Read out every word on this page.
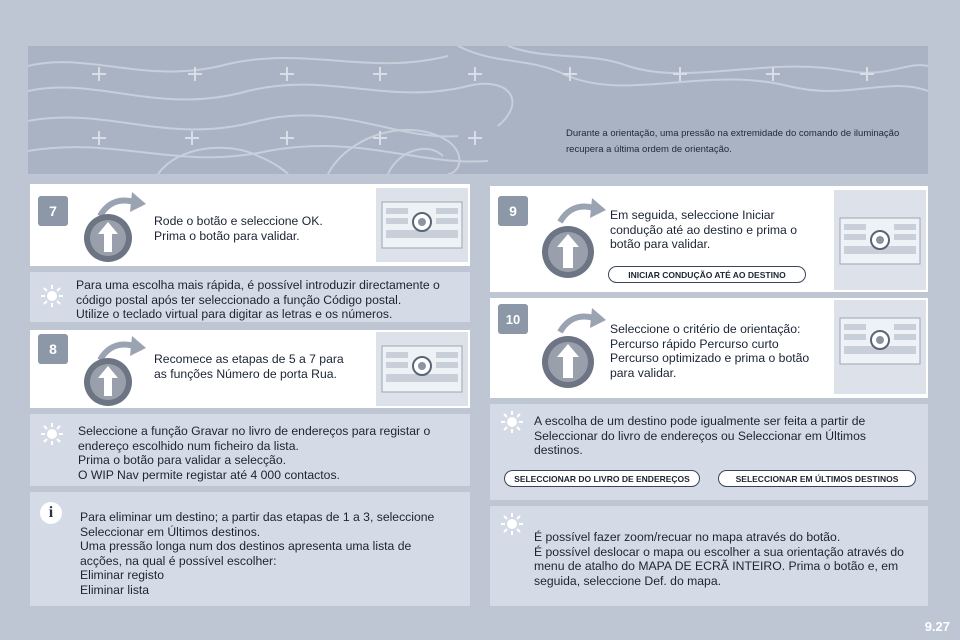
Durante a orientação, uma pressão na extremidade do comando de iluminação recupera a última ordem de orientação.
7
Rode o botão e seleccione OK.
Prima o botão para validar.
Para uma escolha mais rápida, é possível introduzir directamente o
código postal após ter seleccionado a função Código postal.
Utilize o teclado virtual para digitar as letras e os números.
8
Recomece as etapas de 5 a 7 para
as funções Número de porta Rua.
Seleccione a função Gravar no livro de endereços para registar o
endereço escolhido num ficheiro da lista.
Prima o botão para validar a selecção.
O WIP Nav permite registar até 4 000 contactos.
i	Para eliminar um destino; a partir das etapas de 1 a 3, seleccione
Seleccionar em Últimos destinos.
Uma pressão longa num dos destinos apresenta uma lista de
acções, na qual é possível escolher:
Eliminar registo
Eliminar lista
9	Em seguida, seleccione Iniciar
condução até ao destino e prima o
botão para validar.
INICIAR CONDUÇÃO ATÉ AO DESTINO
10
Seleccione o critério de orientação:
Percurso rápido Percurso curto
Percurso optimizado e prima o botão
para validar.
A escolha de um destino pode igualmente ser feita a partir de
Seleccionar do livro de endereços ou Seleccionar em Últimos
destinos.
SELECCIONAR DO LIVRO DE ENDEREÇOS	SELECCIONAR EM ÚLTIMOS DESTINOS
É possível fazer zoom/recuar no mapa através do botão.
É possível deslocar o mapa ou escolher a sua orientação através do
menu de atalho do MAPA DE ECRÃ INTEIRO. Prima o botão e, em
seguida, seleccione Def. do mapa.
9.27
